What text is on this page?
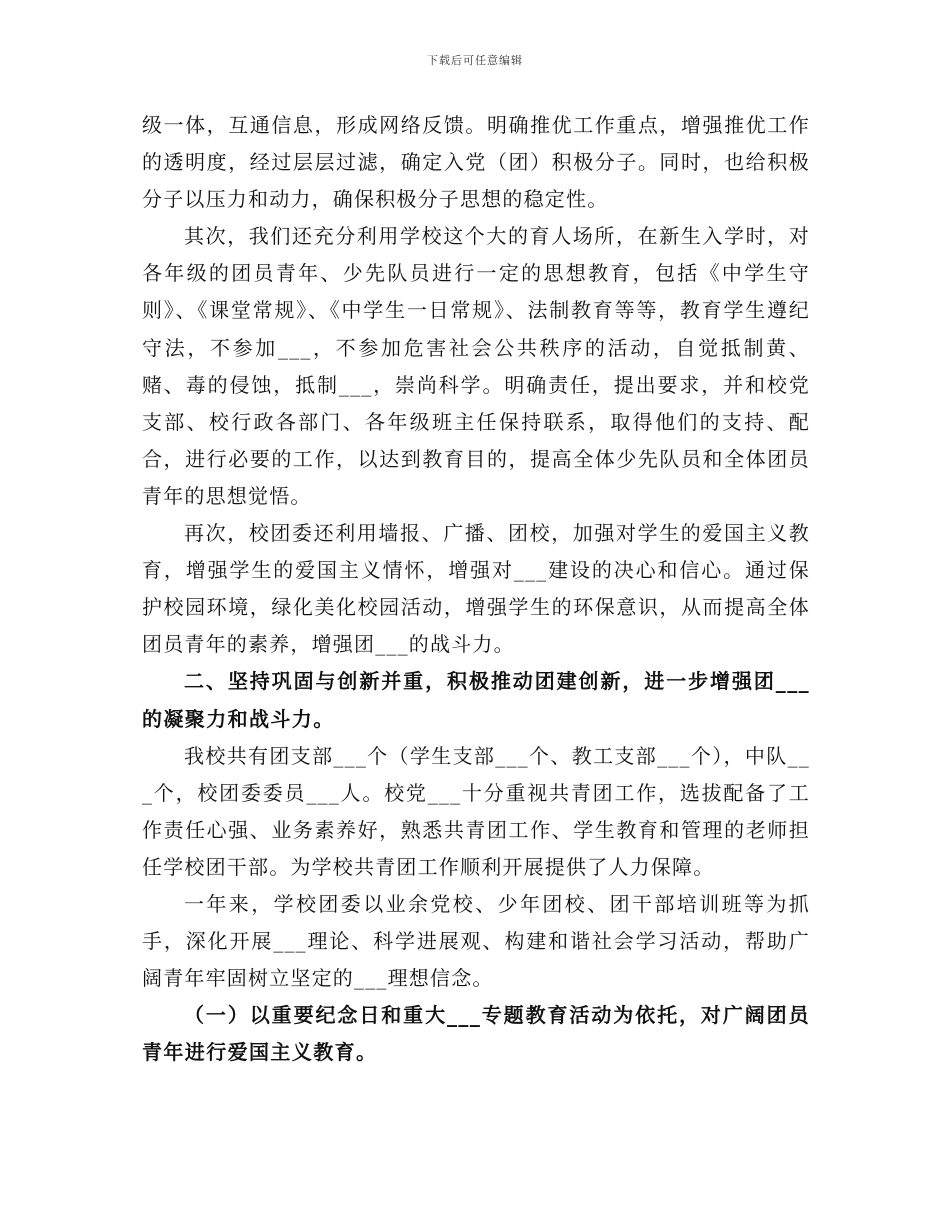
下载后可任意编辑

级一体，互通信息，形成网络反馈。明确推优工作重点，增强推优工作的透明度，经过层层过滤，确定入党（团）积极分子。同时，也给积极分子以压力和动力，确保积极分子思想的稳定性。

其次，我们还充分利用学校这个大的育人场所，在新生入学时，对各年级的团员青年、少先队员进行一定的思想教育，包括《中学生守则》、《课堂常规》、《中学生一日常规》、法制教育等等，教育学生遵纪守法，不参加___，不参加危害社会公共秩序的活动，自觉抵制黄、赌、毒的侵蚀，抵制___，崇尚科学。明确责任，提出要求，并和校党支部、校行政各部门、各年级班主任保持联系，取得他们的支持、配合，进行必要的工作，以达到教育目的，提高全体少先队员和全体团员青年的思想觉悟。

再次，校团委还利用墙报、广播、团校，加强对学生的爱国主义教育，增强学生的爱国主义情怀，增强对___建设的决心和信心。通过保护校园环境，绿化美化校园活动，增强学生的环保意识，从而提高全体团员青年的素养，增强团___的战斗力。

二、坚持巩固与创新并重，积极推动团建创新，进一步增强团___的凝聚力和战斗力。

我校共有团支部___个（学生支部___个、教工支部___个），中队___个，校团委委员___人。校党___十分重视共青团工作，选拔配备了工作责任心强、业务素养好，熟悉共青团工作、学生教育和管理的老师担任学校团干部。为学校共青团工作顺利开展提供了人力保障。

一年来，学校团委以业余党校、少年团校、团干部培训班等为抓手，深化开展___理论、科学进展观、构建和谐社会学习活动，帮助广阔青年牢固树立坚定的___理想信念。

（一）以重要纪念日和重大___专题教育活动为依托，对广阔团员青年进行爱国主义教育。
